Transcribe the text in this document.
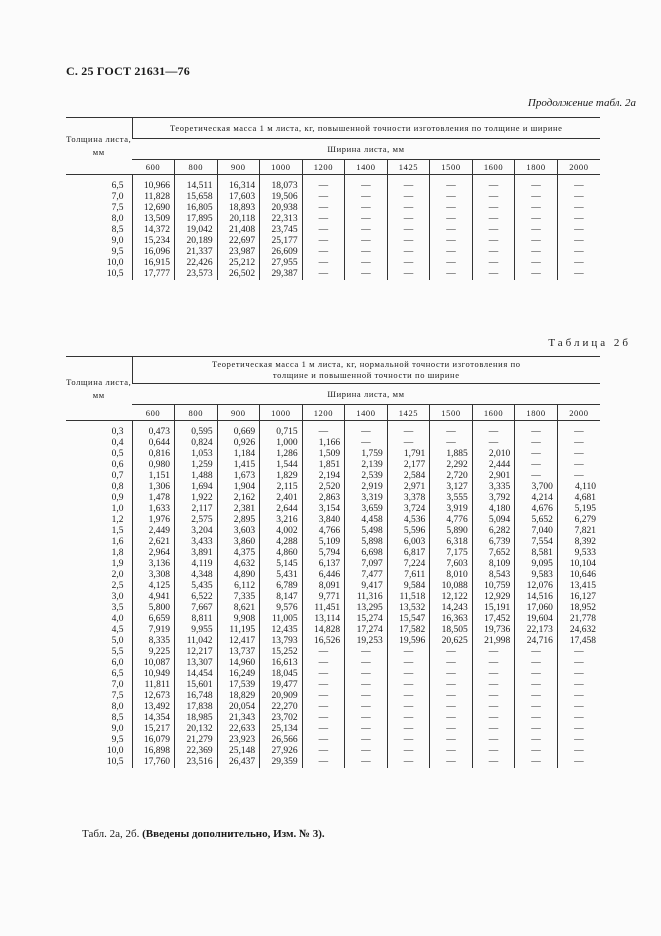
С. 25 ГОСТ 21631—76
Продолжение табл. 2а
Толщина листа, мм	Теоретическая масса 1 м листа, кг, повышенной точности изготовления по толщине и ширине										
	Ширина листа, мм										
	600	800	900	1000	1200	1400	1425	1500	1600	1800	2000
6,5	10,966	14,511	16,314	18,073	—	—	—	—	—	—	—
7,0	11,828	15,658	17,603	19,506	—	—	—	—	—	—	—
7,5	12,690	16,805	18,893	20,938	—	—	—	—	—	—	—
8,0	13,509	17,895	20,118	22,313	—	—	—	—	—	—	—
8,5	14,372	19,042	21,408	23,745	—	—	—	—	—	—	—
9,0	15,234	20,189	22,697	25,177	—	—	—	—	—	—	—
9,5	16,096	21,337	23,987	26,609	—	—	—	—	—	—	—
10,0	16,915	22,426	25,212	27,955	—	—	—	—	—	—	—
10,5	17,777	23,573	26,502	29,387	—	—	—	—	—	—	—
Таблица 2б
Толщина листа, мм	Теоретическая масса 1 м листа, кг, нормальной точности изготовления по толщине и повышенной точности по ширине										
	Ширина листа, мм										
	600	800	900	1000	1200	1400	1425	1500	1600	1800	2000
0,3	0,473	0,595	0,669	0,715	—	—	—	—	—	—	—
0,4	0,644	0,824	0,926	1,000	1,166	—	—	—	—	—	—
0,5	0,816	1,053	1,184	1,286	1,509	1,759	1,791	1,885	2,010	—	—
0,6	0,980	1,259	1,415	1,544	1,851	2,139	2,177	2,292	2,444	—	—
0,7	1,151	1,488	1,673	1,829	2,194	2,539	2,584	2,720	2,901	—	—
0,8	1,306	1,694	1,904	2,115	2,520	2,919	2,971	3,127	3,335	3,700	4,110
0,9	1,478	1,922	2,162	2,401	2,863	3,319	3,378	3,555	3,792	4,214	4,681
1,0	1,633	2,117	2,381	2,644	3,154	3,659	3,724	3,919	4,180	4,676	5,195
1,2	1,976	2,575	2,895	3,216	3,840	4,458	4,536	4,776	5,094	5,652	6,279
1,5	2,449	3,204	3,603	4,002	4,766	5,498	5,596	5,890	6,282	7,040	7,821
1,6	2,621	3,433	3,860	4,288	5,109	5,898	6,003	6,318	6,739	7,554	8,392
1,8	2,964	3,891	4,375	4,860	5,794	6,698	6,817	7,175	7,652	8,581	9,533
1,9	3,136	4,119	4,632	5,145	6,137	7,097	7,224	7,603	8,109	9,095	10,104
2,0	3,308	4,348	4,890	5,431	6,446	7,477	7,611	8,010	8,543	9,583	10,646
2,5	4,125	5,435	6,112	6,789	8,091	9,417	9,584	10,088	10,759	12,076	13,415
3,0	4,941	6,522	7,335	8,147	9,771	11,316	11,518	12,122	12,929	14,516	16,127
3,5	5,800	7,667	8,621	9,576	11,451	13,295	13,532	14,243	15,191	17,060	18,952
4,0	6,659	8,811	9,908	11,005	13,114	15,274	15,547	16,363	17,452	19,604	21,778
4,5	7,919	9,955	11,195	12,435	14,828	17,274	17,582	18,505	19,736	22,173	24,632
5,0	8,335	11,042	12,417	13,793	16,526	19,253	19,596	20,625	21,998	24,716	17,458
5,5	9,225	12,217	13,737	15,252	—	—	—	—	—	—	—
6,0	10,087	13,307	14,960	16,613	—	—	—	—	—	—	—
6,5	10,949	14,454	16,249	18,045	—	—	—	—	—	—	—
7,0	11,811	15,601	17,539	19,477	—	—	—	—	—	—	—
7,5	12,673	16,748	18,829	20,909	—	—	—	—	—	—	—
8,0	13,492	17,838	20,054	22,270	—	—	—	—	—	—	—
8,5	14,354	18,985	21,343	23,702	—	—	—	—	—	—	—
9,0	15,217	20,132	22,633	25,134	—	—	—	—	—	—	—
9,5	16,079	21,279	23,923	26,566	—	—	—	—	—	—	—
10,0	16,898	22,369	25,148	27,926	—	—	—	—	—	—	—
10,5	17,760	23,516	26,437	29,359	—	—	—	—	—	—	—
Табл. 2а, 2б. (Введены дополнительно, Изм. № 3).
